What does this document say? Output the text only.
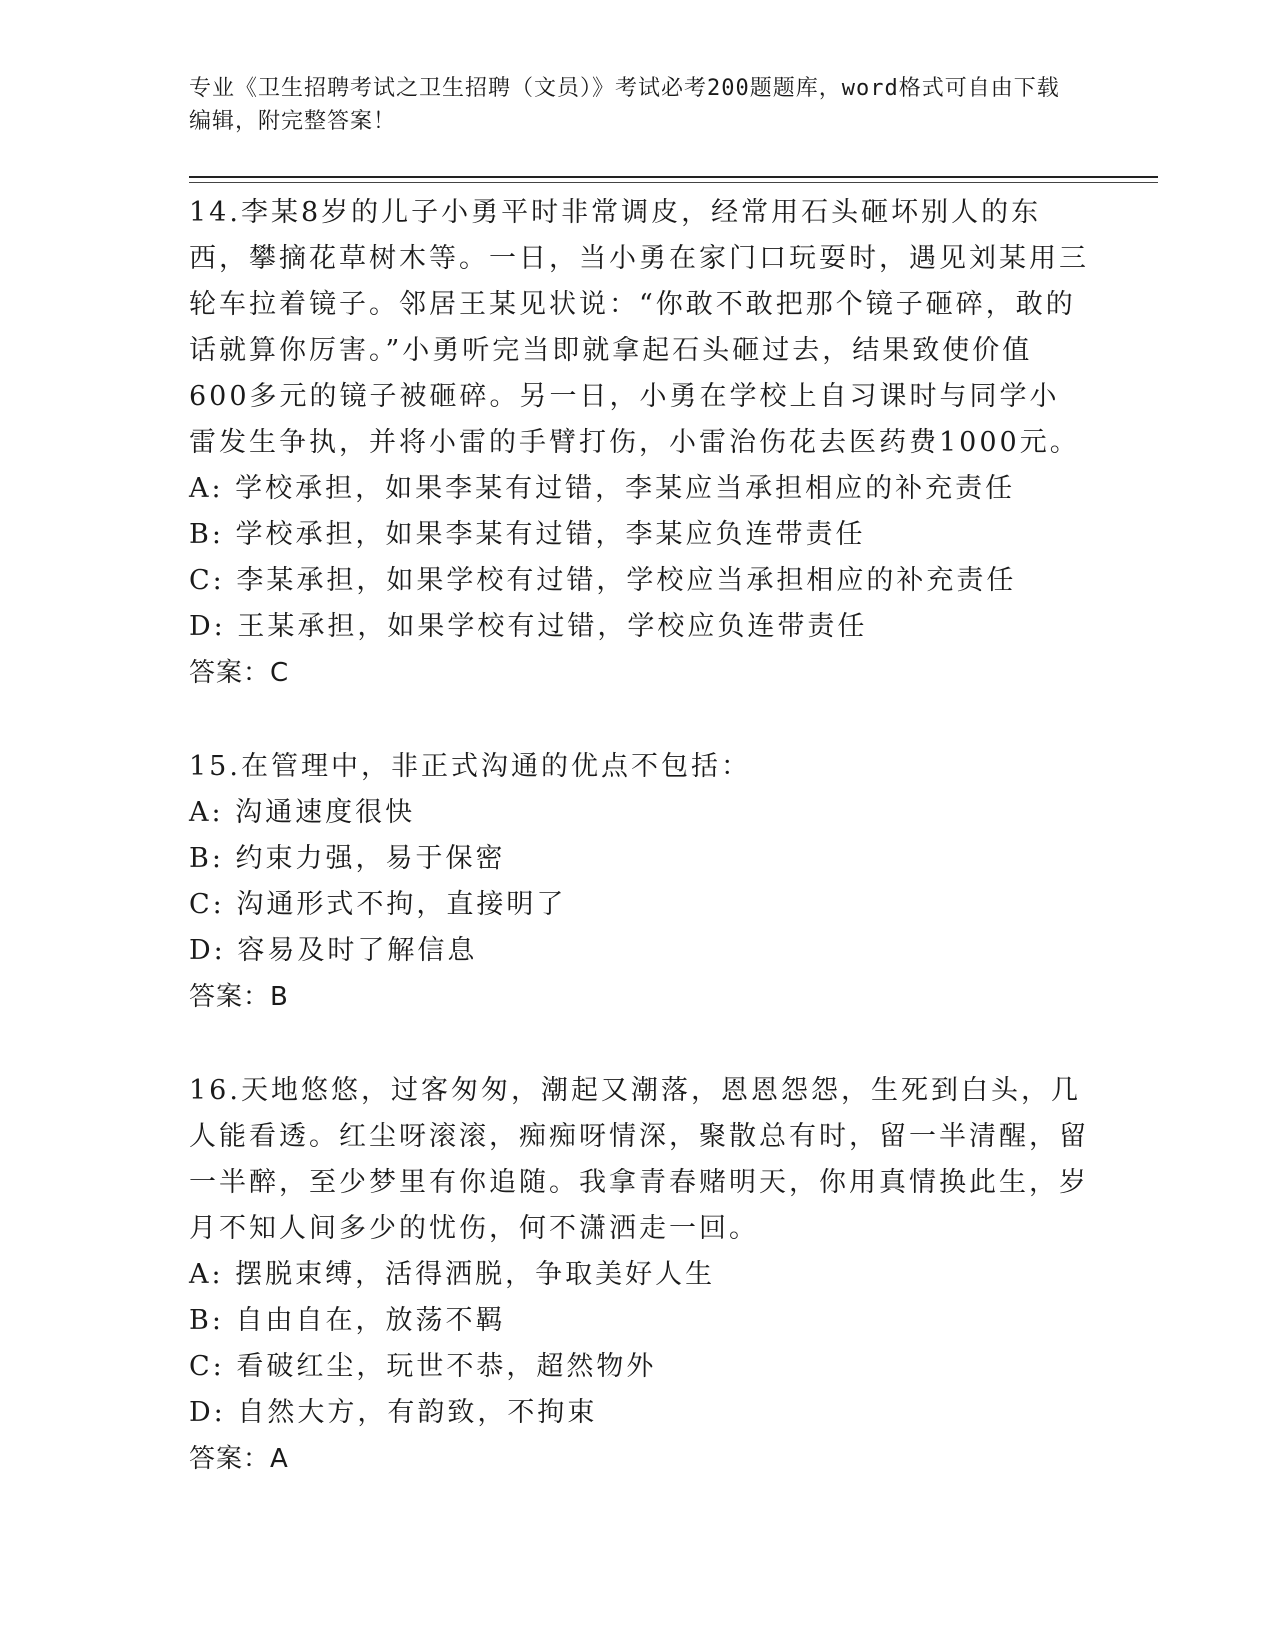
专业《卫生招聘考试之卫生招聘（文员）》考试必考200题题库，word格式可自由下载编辑，附完整答案！
14.李某8岁的儿子小勇平时非常调皮，经常用石头砸坏别人的东西，攀摘花草树木等。一日，当小勇在家门口玩耍时，遇见刘某用三轮车拉着镜子。邻居王某见状说：“你敢不敢把那个镜子砸碎，敢的话就算你厉害。”小勇听完当即就拿起石头砸过去，结果致使价值600多元的镜子被砸碎。另一日，小勇在学校上自习课时与同学小雷发生争执，并将小雷的手臂打伤，小雷治伤花去医药费1000元。
A: 学校承担，如果李某有过错，李某应当承担相应的补充责任
B: 学校承担，如果李某有过错，李某应负连带责任
C: 李某承担，如果学校有过错，学校应当承担相应的补充责任
D: 王某承担，如果学校有过错，学校应负连带责任
答案：C
15.在管理中，非正式沟通的优点不包括：
A: 沟通速度很快
B: 约束力强，易于保密
C: 沟通形式不拘，直接明了
D: 容易及时了解信息
答案：B
16.天地悠悠，过客匆匆，潮起又潮落，恩恩怨怨，生死到白头，几人能看透。红尘呀滚滚，痴痴呀情深，聚散总有时，留一半清醒，留一半醉，至少梦里有你追随。我拿青春赌明天，你用真情换此生，岁月不知人间多少的忧伤，何不潇洒走一回。
A: 摆脱束缚，活得洒脱，争取美好人生
B: 自由自在，放荡不羁
C: 看破红尘，玩世不恭，超然物外
D: 自然大方，有韵致，不拘束
答案：A
